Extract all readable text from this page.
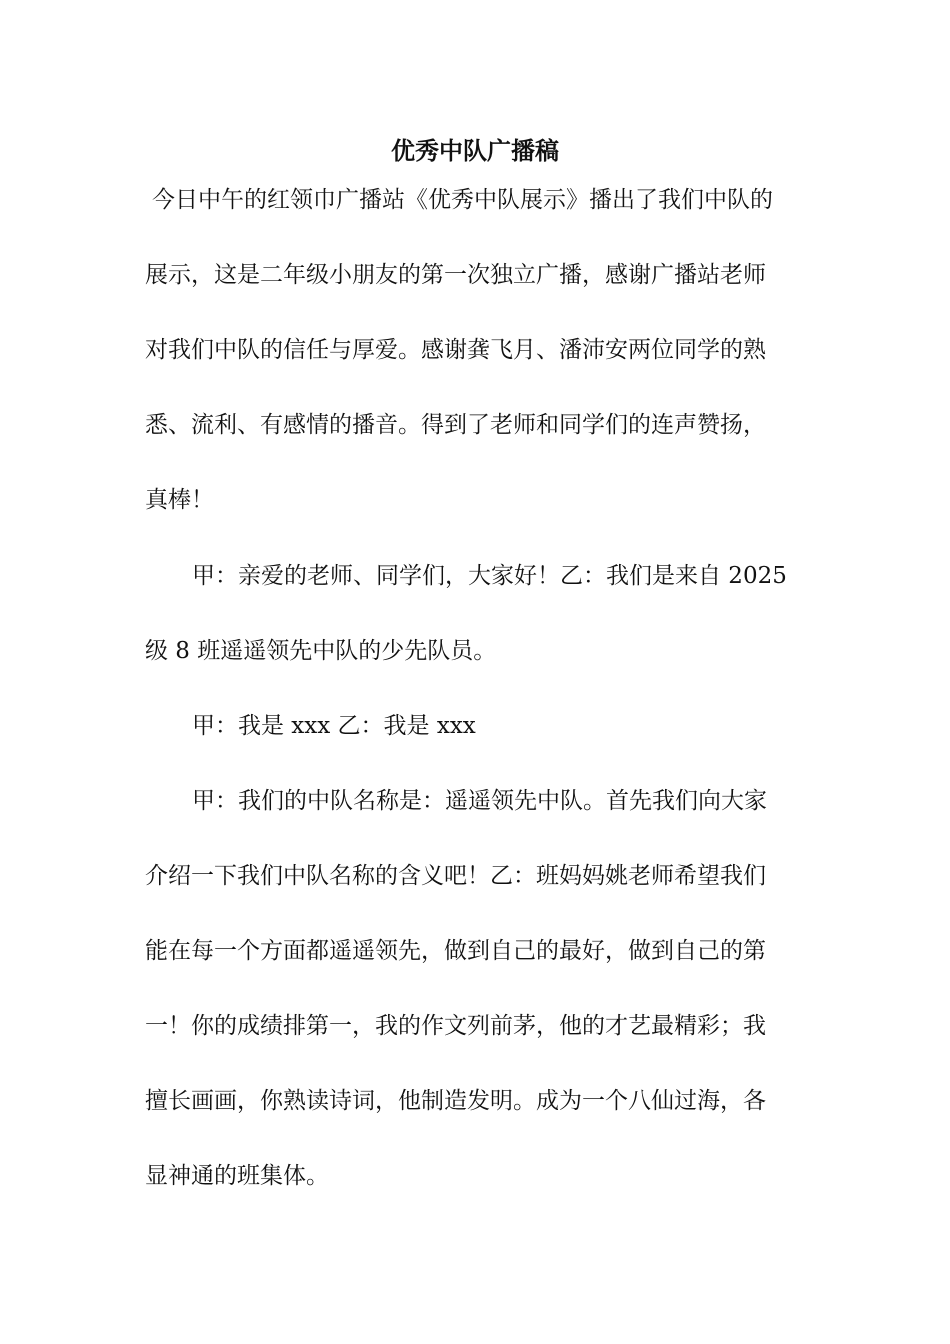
优秀中队广播稿

今日中午的红领巾广播站《优秀中队展示》播出了我们中队的

展示，这是二年级小朋友的第一次独立广播，感谢广播站老师

对我们中队的信任与厚爱。感谢龚飞月、潘沛安两位同学的熟

悉、流利、有感情的播音。得到了老师和同学们的连声赞扬，

真棒！

甲：亲爱的老师、同学们，大家好！乙：我们是来自 2025

级 8 班遥遥领先中队的少先队员。

甲：我是 xxx 乙：我是 xxx

甲：我们的中队名称是：遥遥领先中队。首先我们向大家

介绍一下我们中队名称的含义吧！乙：班妈妈姚老师希望我们

能在每一个方面都遥遥领先，做到自己的最好，做到自己的第

一！你的成绩排第一，我的作文列前茅，他的才艺最精彩；我

擅长画画，你熟读诗词，他制造发明。成为一个八仙过海，各

显神通的班集体。
